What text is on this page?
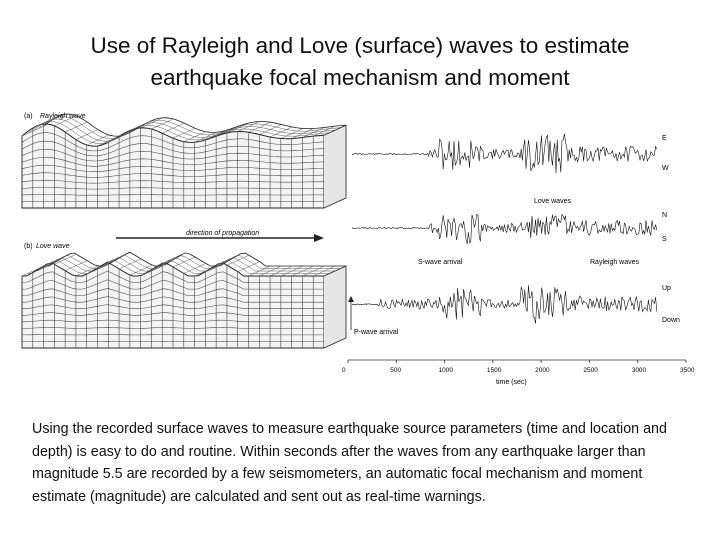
Use of Rayleigh and Love (surface) waves to estimate
earthquake focal mechanism and moment
(a) Rayleigh wave
direction of propagation
(b) Love wave
E
W
N
S
Up
Down
Love waves
S-wave arrival	Rayleigh waves
P-wave arrival
0	500	1000	1500	2000	2500	3000	3500
time (sec)
Using the recorded surface waves to measure earthquake source parameters (time and location and depth) is easy to do and routine. Within seconds after the waves from any earthquake larger than magnitude 5.5 are recorded by a few seismometers, an automatic focal mechanism and moment estimate (magnitude) are calculated and sent out as real-time warnings.
